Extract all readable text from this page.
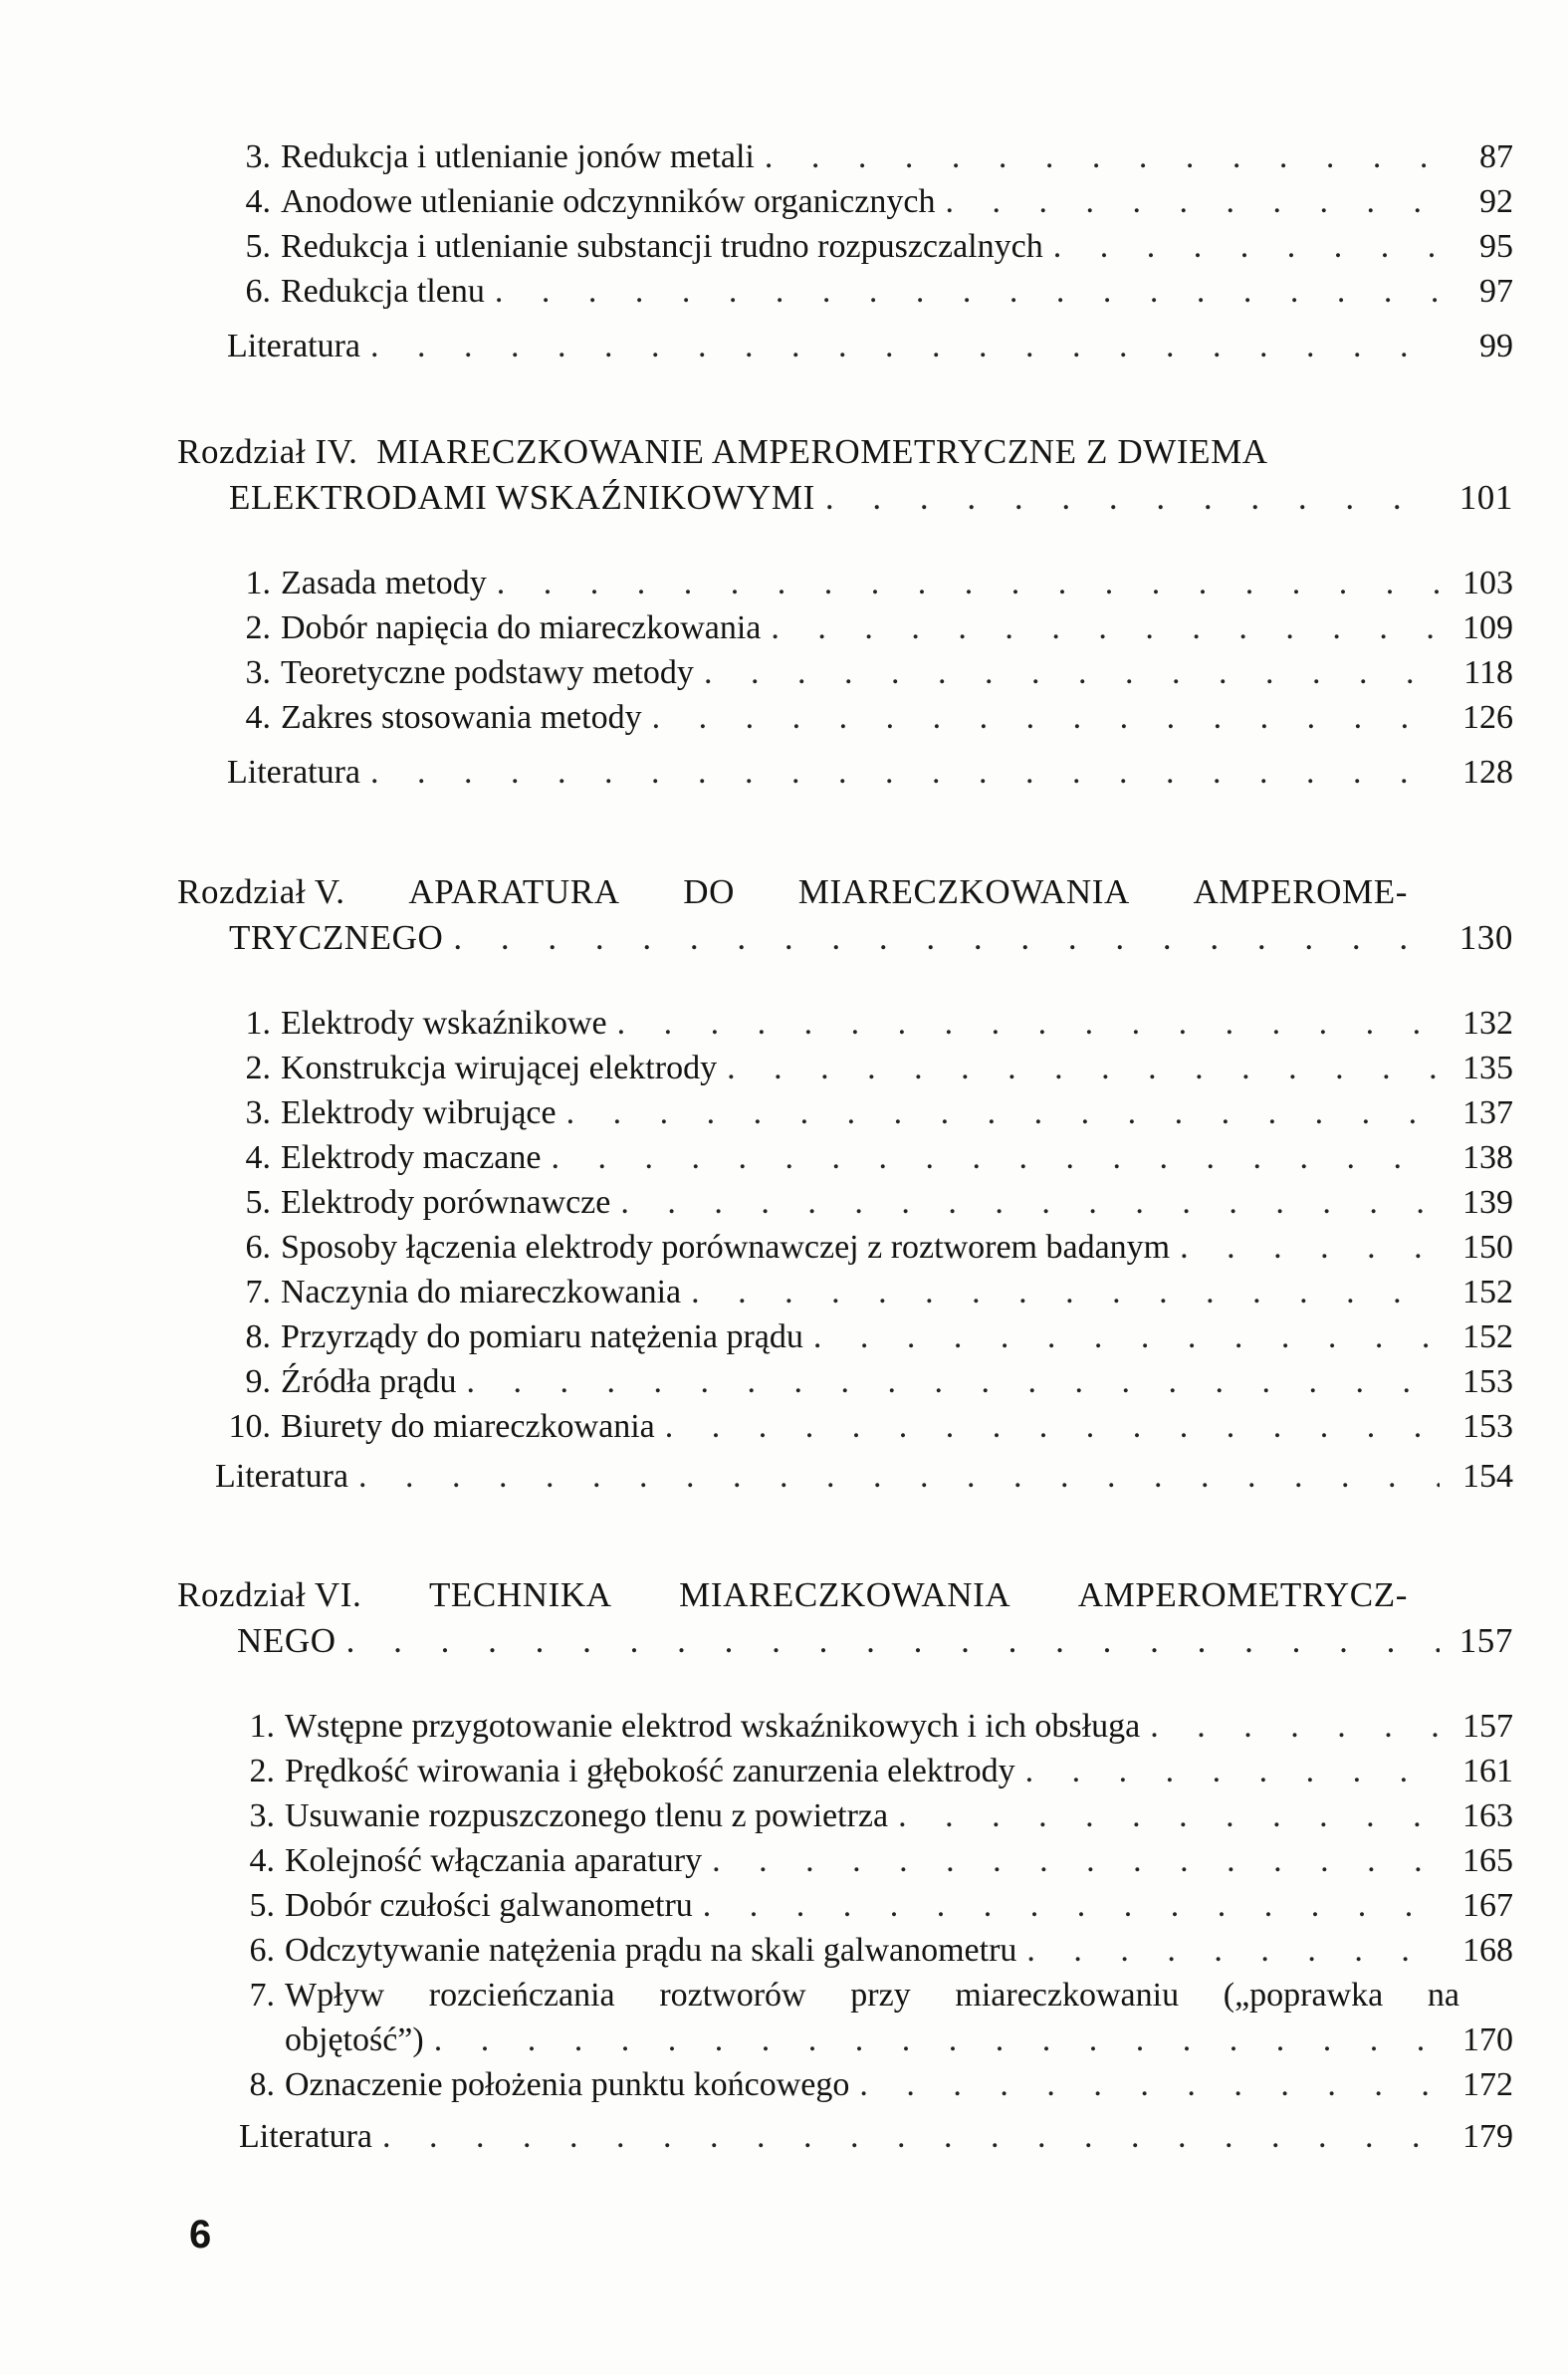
3. Redukcja i utlenianie jonów metali . . .	87
4. Anodowe utlenianie odczynników organicznych . . .	92
5. Redukcja i utlenianie substancji trudno rozpuszczalnych . . .	95
6. Redukcja tlenu . . .	97
Literatura . . .	99
Rozdział IV. MIARECZKOWANIE AMPEROMETRYCZNE Z DWIEMA
ELEKTRODAMI WSKAŹNIKOWYMI . . .	101
1. Zasada metody . . .	103
2. Dobór napięcia do miareczkowania . . .	109
3. Teoretyczne podstawy metody . . .	118
4. Zakres stosowania metody . . .	126
Literatura . . .	128
Rozdział V. APARATURA DO MIARECZKOWANIA AMPEROME-
TRYCZNEGO . . .	130
1. Elektrody wskaźnikowe . . .	132
2. Konstrukcja wirującej elektrody . . .	135
3. Elektrody wibrujące . . .	137
4. Elektrody maczane . . .	138
5. Elektrody porównawcze . . .	139
6. Sposoby łączenia elektrody porównawczej z roztworem badanym . . .	150
7. Naczynia do miareczkowania . . .	152
8. Przyrządy do pomiaru natężenia prądu . . .	152
9. Źródła prądu . . .	153
10. Biurety do miareczkowania . . .	153
Literatura . . .	154
Rozdział VI. TECHNIKA MIARECZKOWANIA AMPEROMETRYCZ-
NEGO . . .	157
1. Wstępne przygotowanie elektrod wskaźnikowych i ich obsługa . . .	157
2. Prędkość wirowania i głębokość zanurzenia elektrody . . .	161
3. Usuwanie rozpuszczonego tlenu z powietrza . . .	163
4. Kolejność włączania aparatury . . .	165
5. Dobór czułości galwanometru . . .	167
6. Odczytywanie natężenia prądu na skali galwanometru . . .	168
7. Wpływ rozcieńczania roztworów przy miareczkowaniu („poprawka na
objętość”) . . .	170
8. Oznaczenie położenia punktu końcowego . . .	172
Literatura . . .	179
6
